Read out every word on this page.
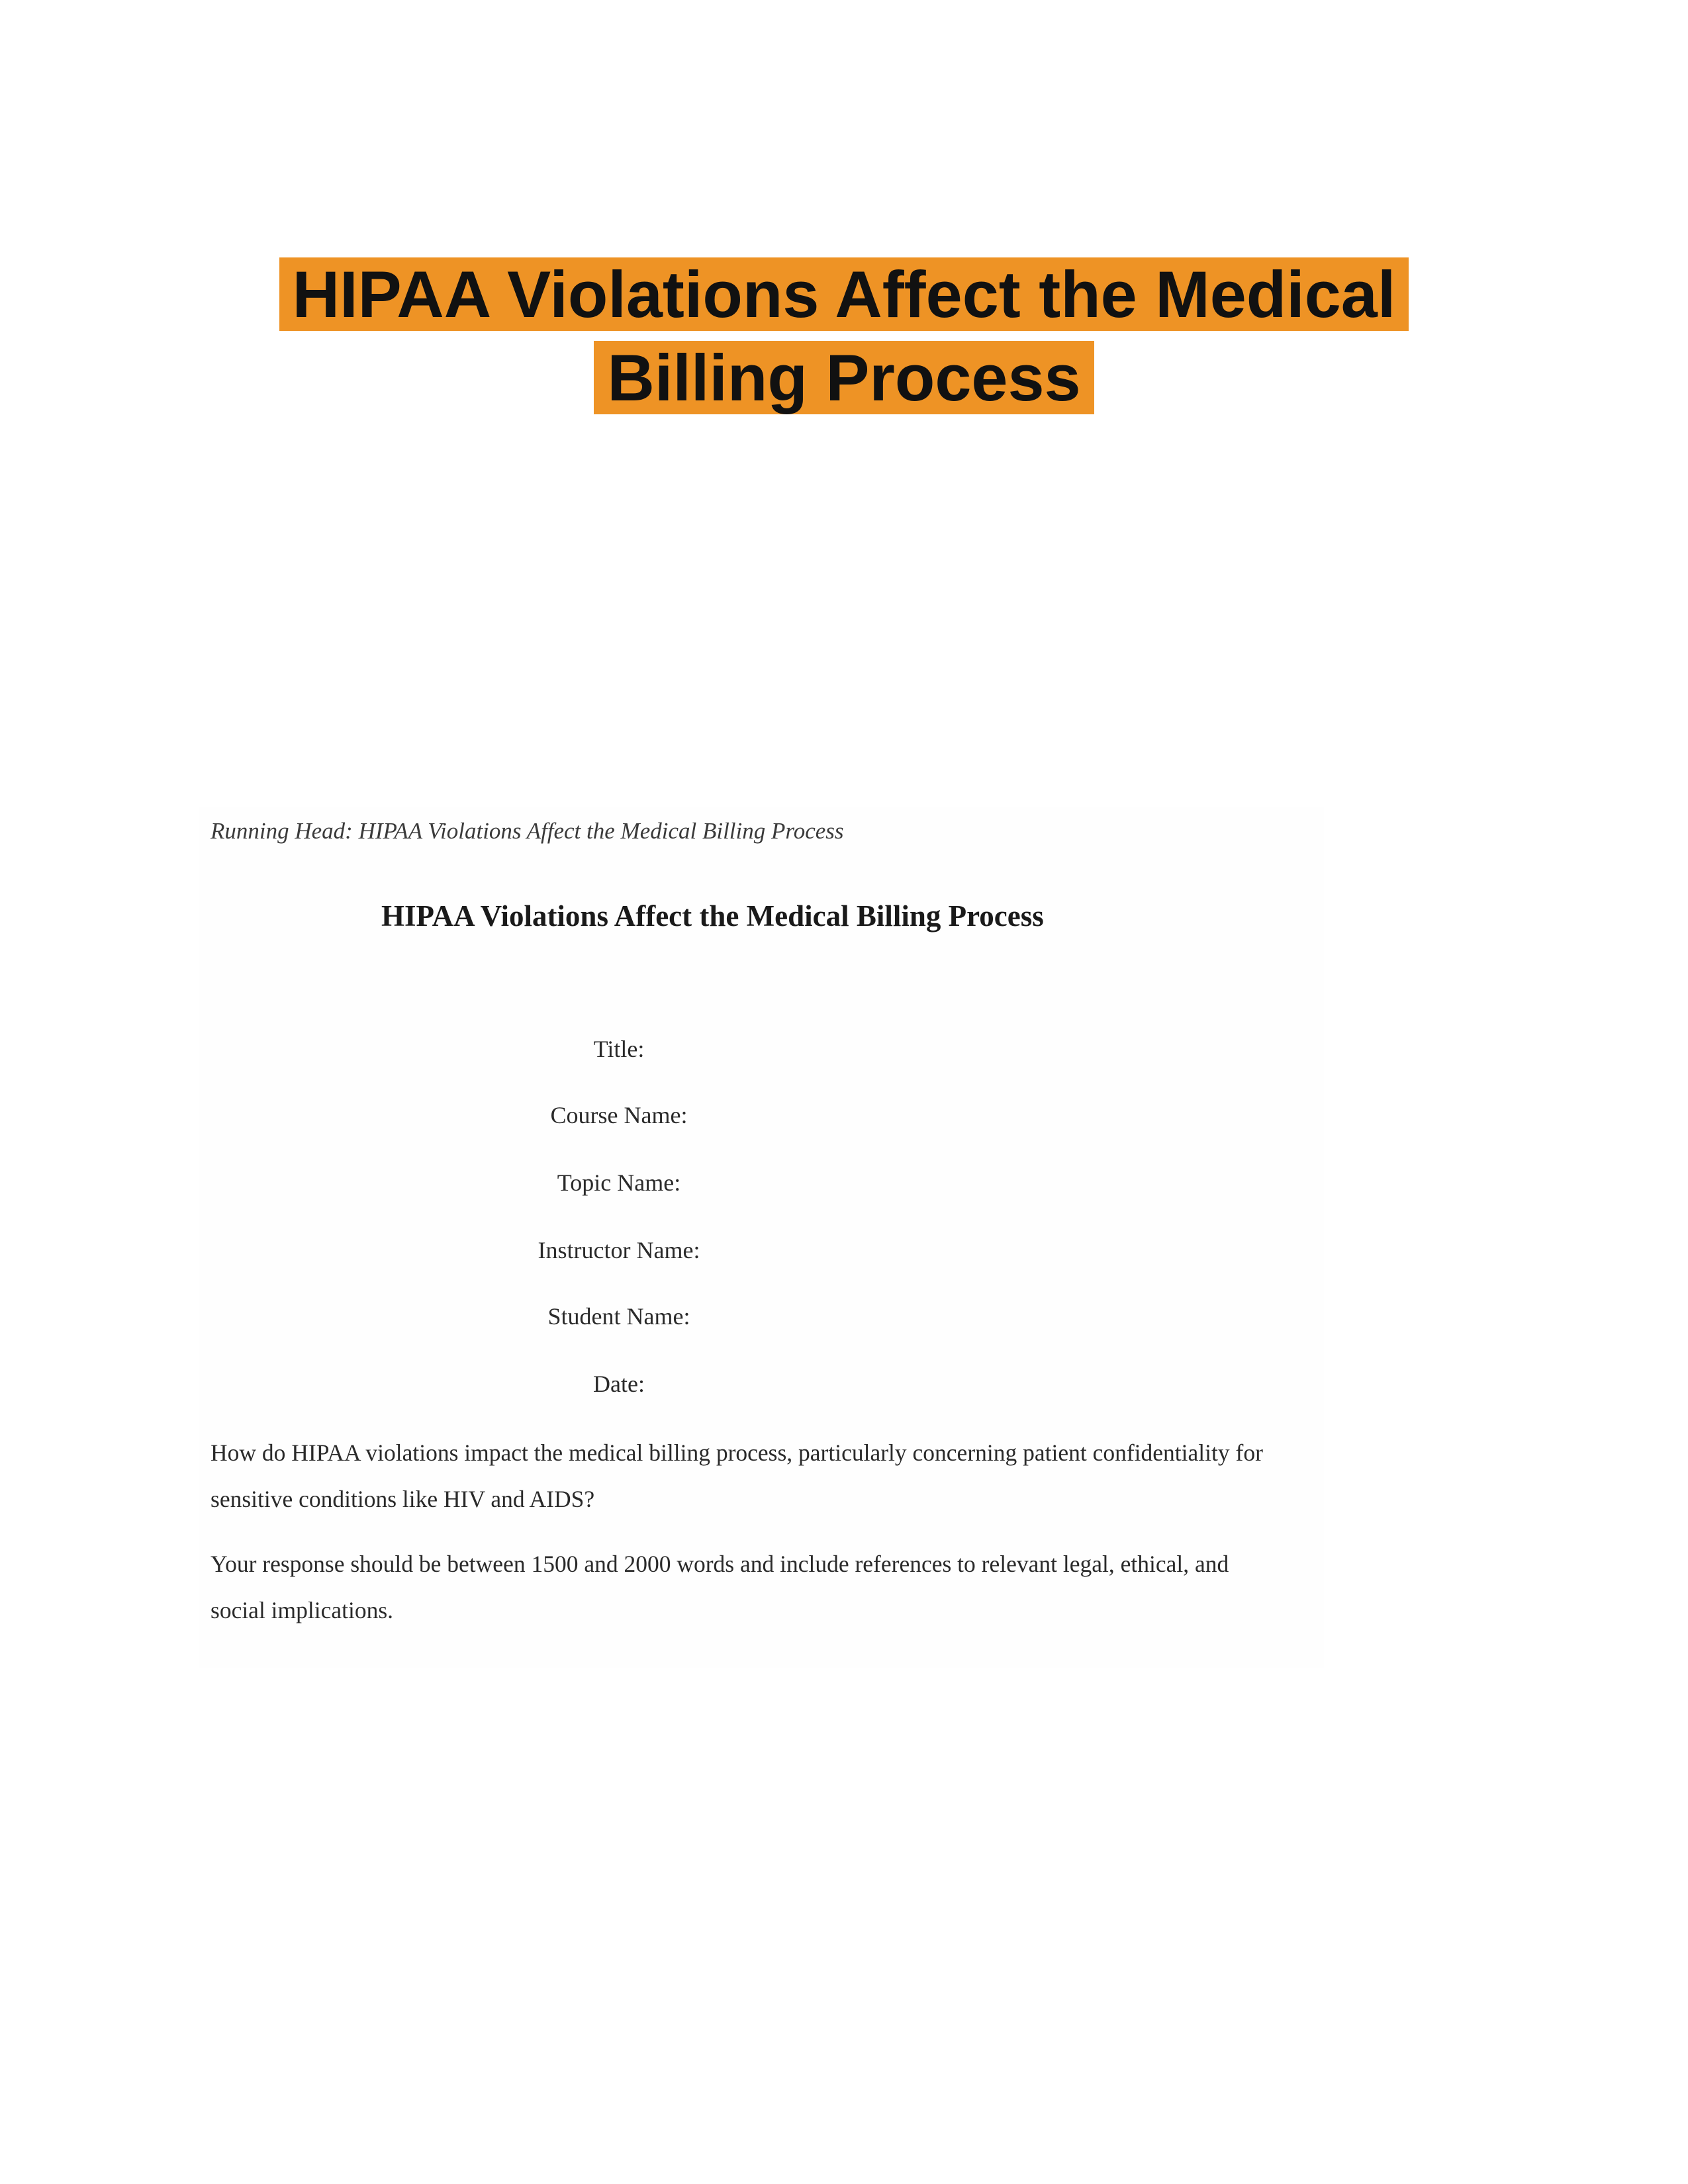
HIPAA Violations Affect the Medical Billing Process
Running Head: HIPAA Violations Affect the Medical Billing Process
HIPAA Violations Affect the Medical Billing Process

Title:

Course Name:

Topic Name:

Instructor Name:

Student Name:

Date:

How do HIPAA violations impact the medical billing process, particularly concerning patient confidentiality for sensitive conditions like HIV and AIDS?

Your response should be between 1500 and 2000 words and include references to relevant legal, ethical, and social implications.
